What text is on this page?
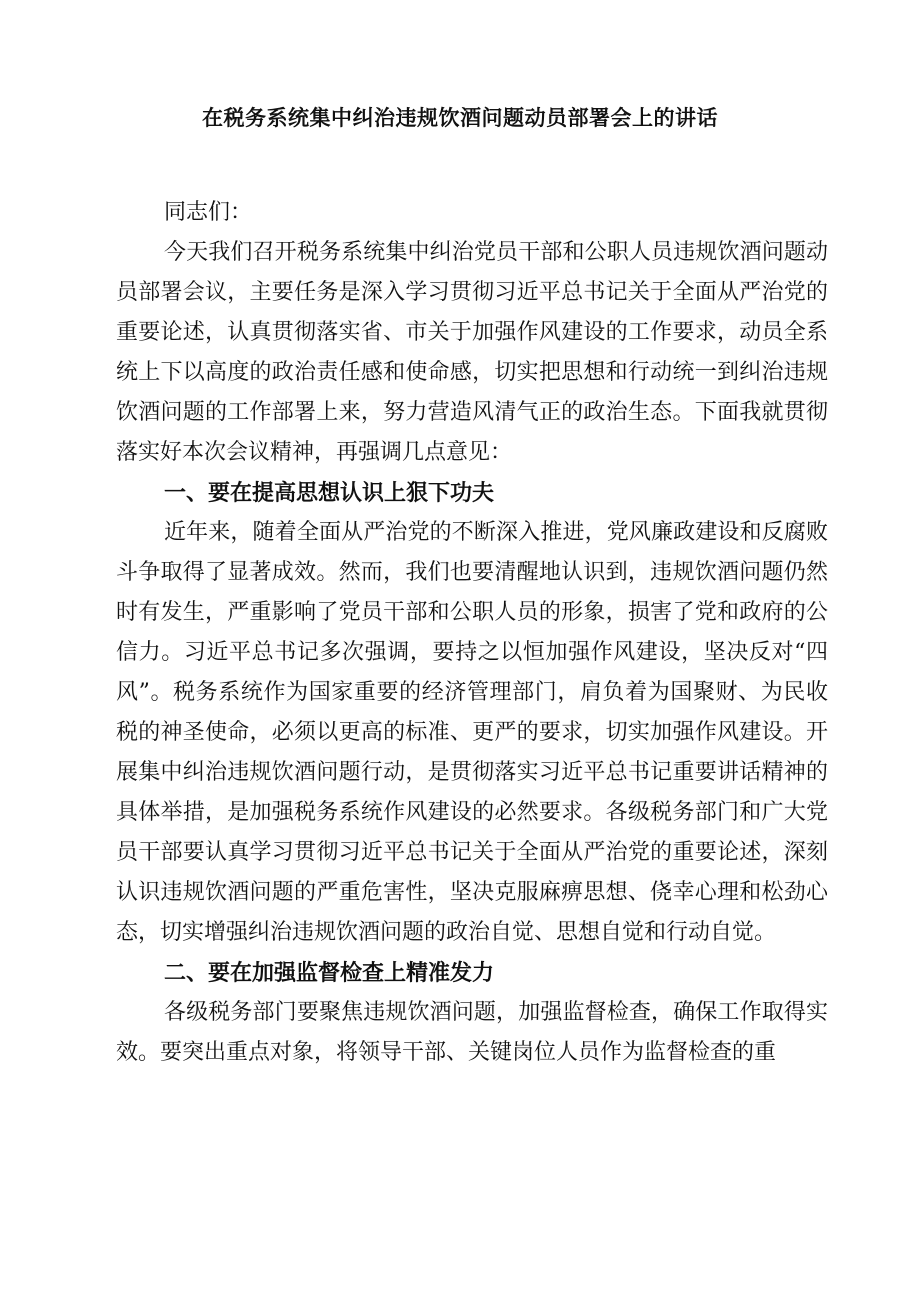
在税务系统集中纠治违规饮酒问题动员部署会上的讲话

同志们：

今天我们召开税务系统集中纠治党员干部和公职人员违规饮酒问题动员部署会议，主要任务是深入学习贯彻习近平总书记关于全面从严治党的重要论述，认真贯彻落实省、市关于加强作风建设的工作要求，动员全系统上下以高度的政治责任感和使命感，切实把思想和行动统一到纠治违规饮酒问题的工作部署上来，努力营造风清气正的政治生态。下面我就贯彻落实好本次会议精神，再强调几点意见：

一、要在提高思想认识上狠下功夫

近年来，随着全面从严治党的不断深入推进，党风廉政建设和反腐败斗争取得了显著成效。然而，我们也要清醒地认识到，违规饮酒问题仍然时有发生，严重影响了党员干部和公职人员的形象，损害了党和政府的公信力。习近平总书记多次强调，要持之以恒加强作风建设，坚决反对“四风”。税务系统作为国家重要的经济管理部门，肩负着为国聚财、为民收税的神圣使命，必须以更高的标准、更严的要求，切实加强作风建设。开展集中纠治违规饮酒问题行动，是贯彻落实习近平总书记重要讲话精神的具体举措，是加强税务系统作风建设的必然要求。各级税务部门和广大党员干部要认真学习贯彻习近平总书记关于全面从严治党的重要论述，深刻认识违规饮酒问题的严重危害性，坚决克服麻痹思想、侥幸心理和松劲心态，切实增强纠治违规饮酒问题的政治自觉、思想自觉和行动自觉。

二、要在加强监督检查上精准发力

各级税务部门要聚焦违规饮酒问题，加强监督检查，确保工作取得实效。要突出重点对象，将领导干部、关键岗位人员作为监督检查的重
